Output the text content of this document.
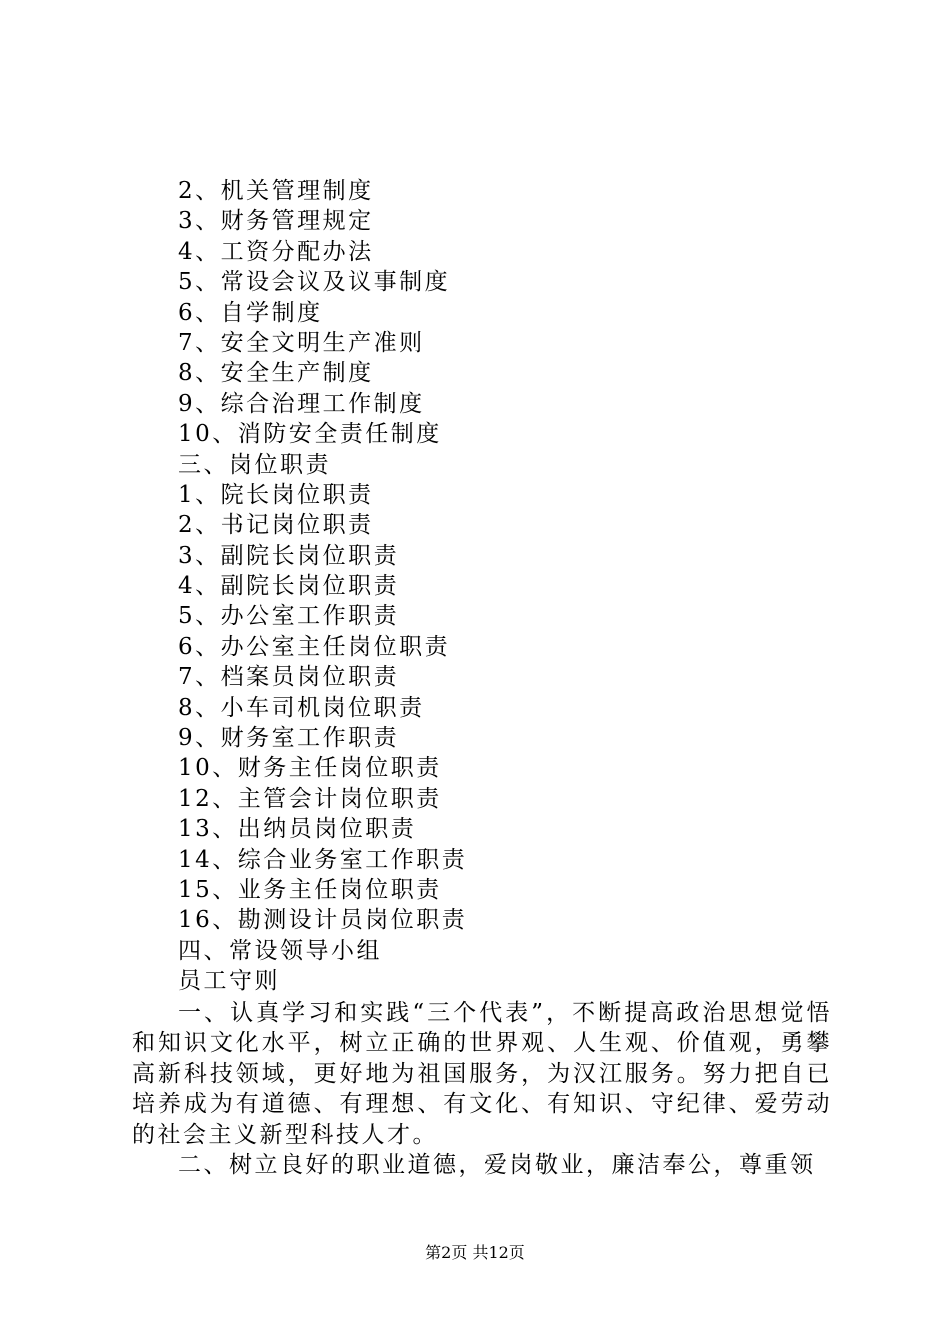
2、机关管理制度
3、财务管理规定
4、工资分配办法
5、常设会议及议事制度
6、自学制度
7、安全文明生产准则
8、安全生产制度
9、综合治理工作制度
10、消防安全责任制度
三、岗位职责
1、院长岗位职责
2、书记岗位职责
3、副院长岗位职责
4、副院长岗位职责
5、办公室工作职责
6、办公室主任岗位职责
7、档案员岗位职责
8、小车司机岗位职责
9、财务室工作职责
10、财务主任岗位职责
12、主管会计岗位职责
13、出纳员岗位职责
14、综合业务室工作职责
15、业务主任岗位职责
16、勘测设计员岗位职责
四、常设领导小组
员工守则

一、认真学习和实践“三个代表”，不断提高政治思想觉悟和知识文化水平，树立正确的世界观、人生观、价值观，勇攀高新科技领域，更好地为祖国服务，为汉江服务。努力把自已培养成为有道德、有理想、有文化、有知识、守纪律、爱劳动的社会主义新型科技人才。

二、树立良好的职业道德，爱岗敬业，廉洁奉公，尊重领

第2页 共12页
